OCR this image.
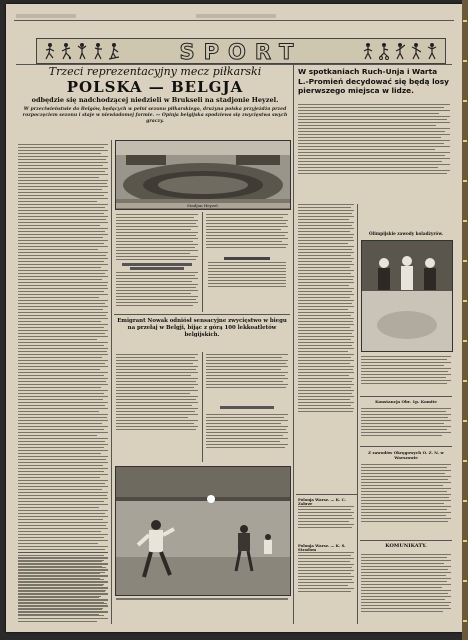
SPORT
Trzeci reprezentacyjny mecz piłkarski
POLSKA — BELGJA
odbędzie się nadchodzącej niedzieli w Brukseli na stadjonie Heyzel.
W przeciwieństwie do Belgów, będących w pełni sezonu piłkarskiego, drużyna polska przyjeżdża przed rozpoczęciem sezonu i staje w niewiadomej formie. — Opinja belgijska spodziewa się zwycięstwa swych graczy.
W spotkaniach Ruch-Unja i Warta L.-Promień decydować się będą losy pierwszego miejsca w lidze.
Stadjon Heyzel.
Emigrant Nowak odniósł sensacyjne zwycięstwo w biegu na przełaj w Belgji, bijąc z górą 100 lekkoatletów belgijskich.
Olimpijskie zawody koladżyrów.
Konstancja Obr. 1p. Komite
Z zawodów Okręgowych O. Z. N. w Warszawie
KOMUNIKATY.
Polonja Warsz. — K. C. Zabrze
Polonja Warsz. — K. S. Stradom
